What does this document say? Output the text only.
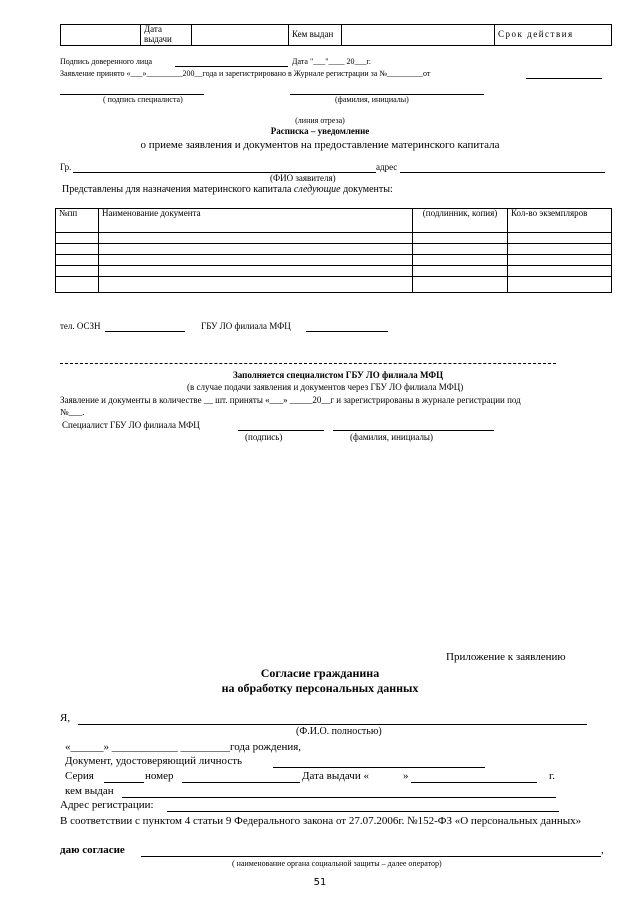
	Дата выдачи		Кем выдан		Срок действия
Подпись доверенного лица	Дата "___"____ 20___г.
Заявление принято «___»_________200__года и зарегистрировано в Журнале регистрации за №_________от
( подпись специалиста)	(фамилия, инициалы)
(линия отреза)
Расписка – уведомление
о приеме заявления и документов на предоставление материнского капитала
Гр.	адрес
(ФИО заявителя)
Представлены для назначения материнского капитала следующие документы:
№пп	Наименование документа	(подлинник, копия)	Кол-во экземпляров

тел. ОСЗН	ГБУ ЛО филиала МФЦ
Заполняется специалистом ГБУ ЛО филиала МФЦ
(в случае подачи заявления и документов через ГБУ ЛО филиала МФЦ)
Заявление и документы в количестве __ шт. приняты «___» _____20__г и зарегистрированы в журнале регистрации под
№___.
Специалист ГБУ ЛО филиала МФЦ
(подпись)	(фамилия, инициалы)
Приложение к заявлению
Согласие гражданина
на обработку персональных данных
Я,
(Ф.И.О. полностью)
«______» ____________ _________года рождения,
Документ, удостоверяющий личность
Серия	номер	Дата выдачи «	»	г.
кем выдан
Адрес регистрации:
В соответствии с пунктом 4 статьи 9 Федерального закона от 27.07.2006г. №152-ФЗ «О персональных данных»
даю согласие	,
( наименование органа социальной защиты – далее оператор)
51
